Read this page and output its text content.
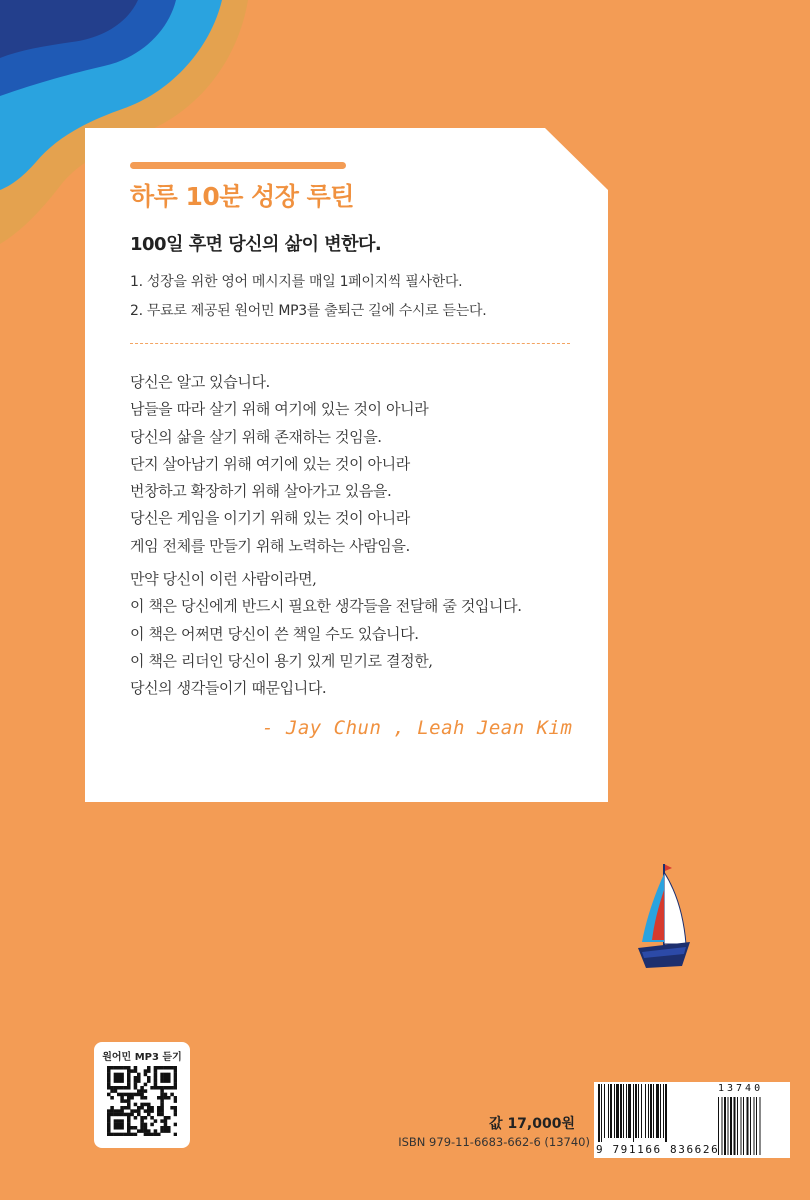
하루 10분 성장 루틴
100일 후면 당신의 삶이 변한다.
1. 성장을 위한 영어 메시지를 매일 1페이지씩 필사한다.
2. 무료로 제공된 원어민 MP3를 출퇴근 길에 수시로 듣는다.
당신은 알고 있습니다.
남들을 따라 살기 위해 여기에 있는 것이 아니라
당신의 삶을 살기 위해 존재하는 것임을.
단지 살아남기 위해 여기에 있는 것이 아니라
번창하고 확장하기 위해 살아가고 있음을.
당신은 게임을 이기기 위해 있는 것이 아니라
게임 전체를 만들기 위해 노력하는 사람임을.
만약 당신이 이런 사람이라면,
이 책은 당신에게 반드시 필요한 생각들을 전달해 줄 것입니다.
이 책은 어쩌면 당신이 쓴 책일 수도 있습니다.
이 책은 리더인 당신이 용기 있게 믿기로 결정한,
당신의 생각들이기 때문입니다.

- Jay Chun , Leah Jean Kim

원어민 MP3 듣기

값 17,000원

ISBN 979-11-6683-662-6 (13740)

13740
9 791166 836626
